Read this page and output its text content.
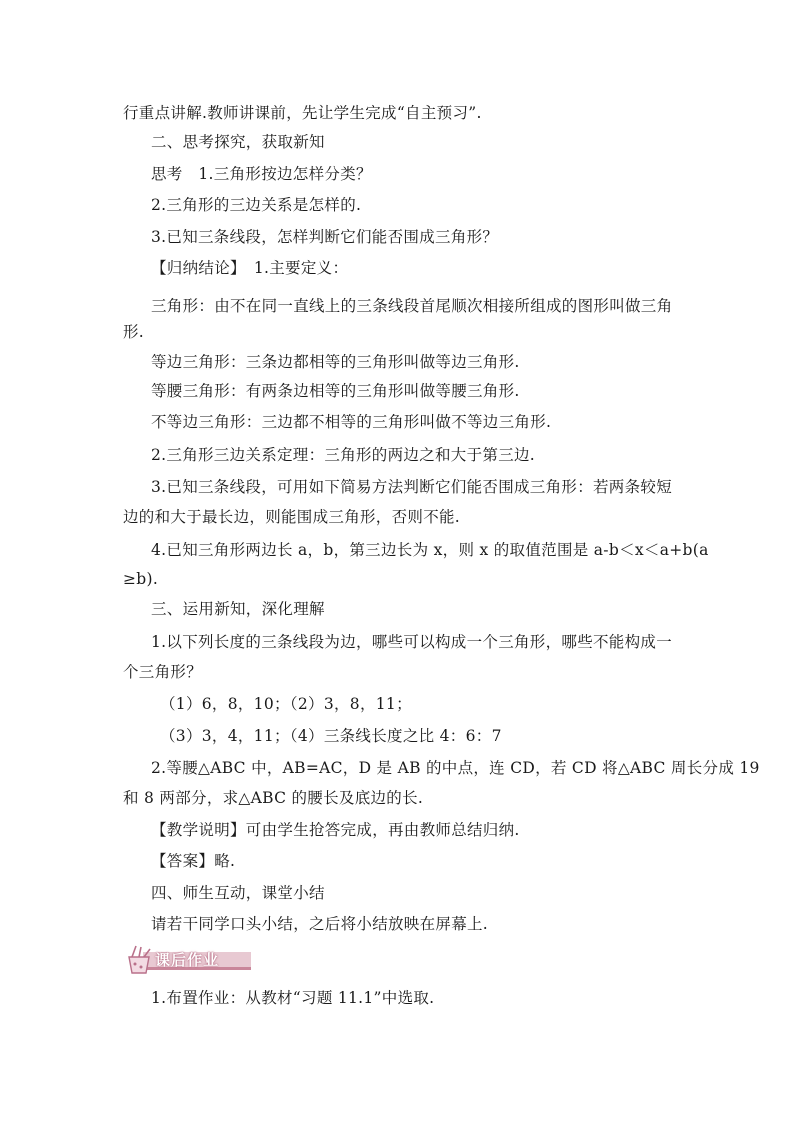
行重点讲解.教师讲课前，先让学生完成“自主预习”.
二、思考探究，获取新知
思考　1.三角形按边怎样分类？
2.三角形的三边关系是怎样的.
3.已知三条线段，怎样判断它们能否围成三角形？
【归纳结论】　1.主要定义：
三角形：由不在同一直线上的三条线段首尾顺次相接所组成的图形叫做三角
形.
等边三角形：三条边都相等的三角形叫做等边三角形.
等腰三角形：有两条边相等的三角形叫做等腰三角形.
不等边三角形：三边都不相等的三角形叫做不等边三角形.
2.三角形三边关系定理：三角形的两边之和大于第三边.
3.已知三条线段，可用如下简易方法判断它们能否围成三角形：若两条较短
边的和大于最长边，则能围成三角形，否则不能.
4.已知三角形两边长 a，b，第三边长为 x，则 x 的取值范围是 a-b＜x＜a+b(a
≥b).
三、运用新知，深化理解
1.以下列长度的三条线段为边，哪些可以构成一个三角形，哪些不能构成一
个三角形？
（1）6，8，10；（2）3，8，11；
（3）3，4，11；（4）三条线长度之比 4：6：7
2.等腰△ABC 中，AB=AC，D 是 AB 的中点，连 CD，若 CD 将△ABC 周长分成 19
和 8 两部分，求△ABC 的腰长及底边的长.
【教学说明】可由学生抢答完成，再由教师总结归纳.
【答案】略.
四、师生互动，课堂小结
请若干同学口头小结，之后将小结放映在屏幕上.
课后作业
1.布置作业：从教材“习题 11.1”中选取.
